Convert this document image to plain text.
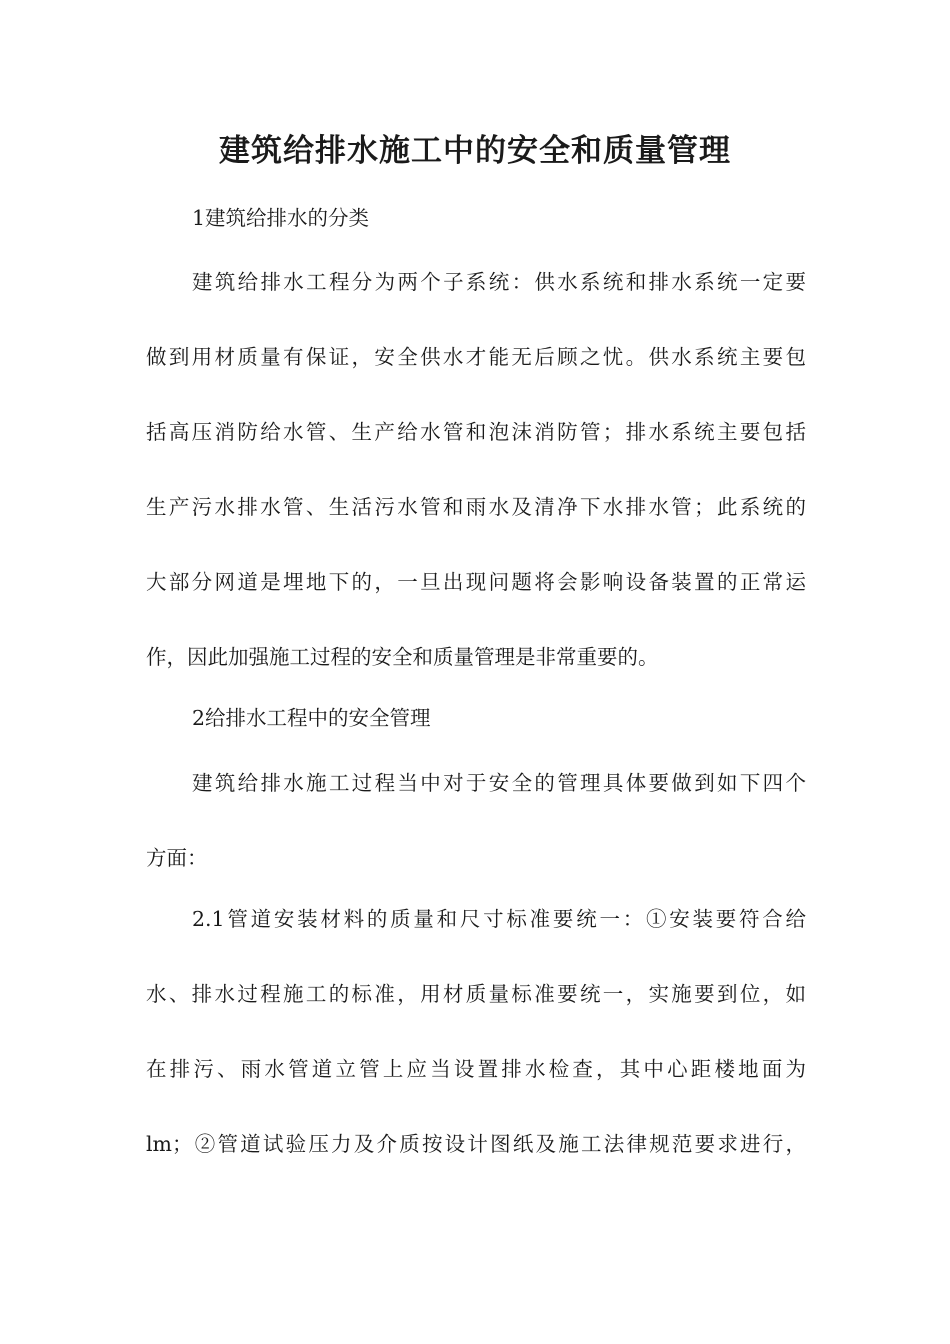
建筑给排水施工中的安全和质量管理

1建筑给排水的分类

建筑给排水工程分为两个子系统：供水系统和排水系统一定要

做到用材质量有保证，安全供水才能无后顾之忧。供水系统主要包

括高压消防给水管、生产给水管和泡沫消防管；排水系统主要包括

生产污水排水管、生活污水管和雨水及清净下水排水管；此系统的

大部分网道是埋地下的，一旦出现问题将会影响设备装置的正常运

作，因此加强施工过程的安全和质量管理是非常重要的。

2给排水工程中的安全管理

建筑给排水施工过程当中对于安全的管理具体要做到如下四个

方面：

2.1管道安装材料的质量和尺寸标准要统一：①安装要符合给

水、排水过程施工的标准，用材质量标准要统一，实施要到位，如

在排污、雨水管道立管上应当设置排水检查，其中心距楼地面为

lm；②管道试验压力及介质按设计图纸及施工法律规范要求进行，
